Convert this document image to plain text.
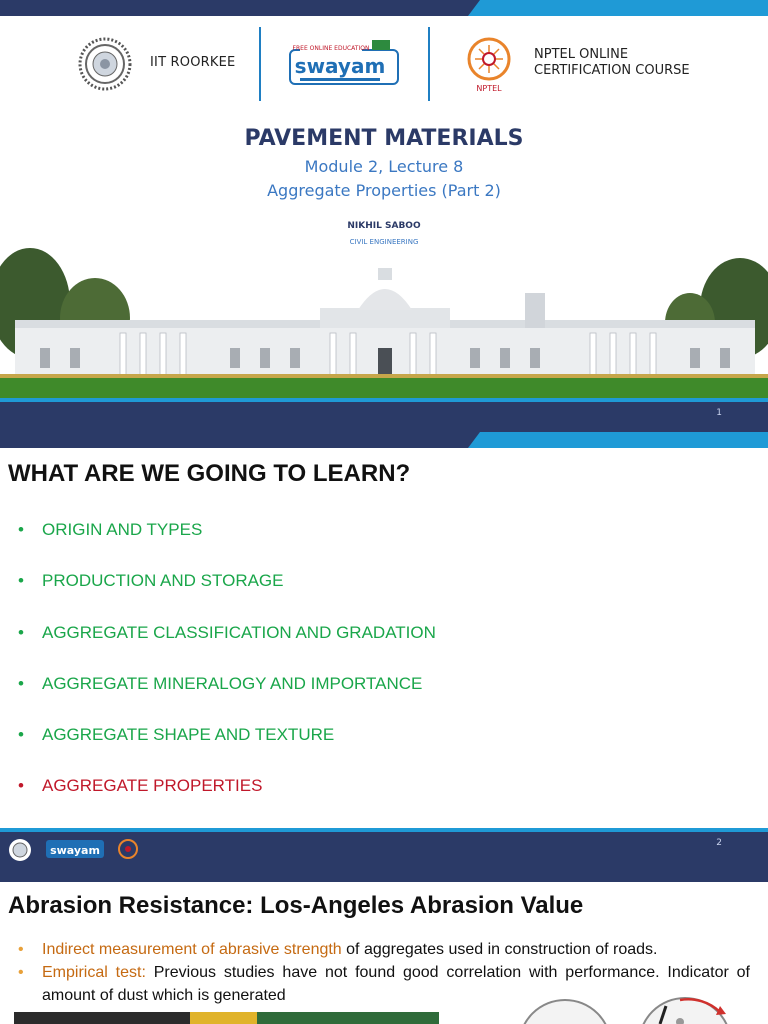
IIT ROORKEE
FREE ONLINE EDUCATION
swayam
NPTEL
NPTEL ONLINE
CERTIFICATION COURSE
PAVEMENT MATERIALS
Module 2, Lecture 8
Aggregate Properties (Part 2)
NIKHIL SABOO
CIVIL ENGINEERING
1
WHAT ARE WE GOING TO LEARN?
• ORIGIN AND TYPES
• PRODUCTION AND STORAGE
• AGGREGATE CLASSIFICATION AND GRADATION
• AGGREGATE MINERALOGY AND IMPORTANCE
• AGGREGATE SHAPE AND TEXTURE
• AGGREGATE PROPERTIES
swayam
2
Abrasion Resistance: Los-Angeles Abrasion Value
• Indirect measurement of abrasive strength of aggregates used in construction of roads.
• Empirical test: Previous studies have not found good correlation with performance. Indicator of amount of dust which is generated
